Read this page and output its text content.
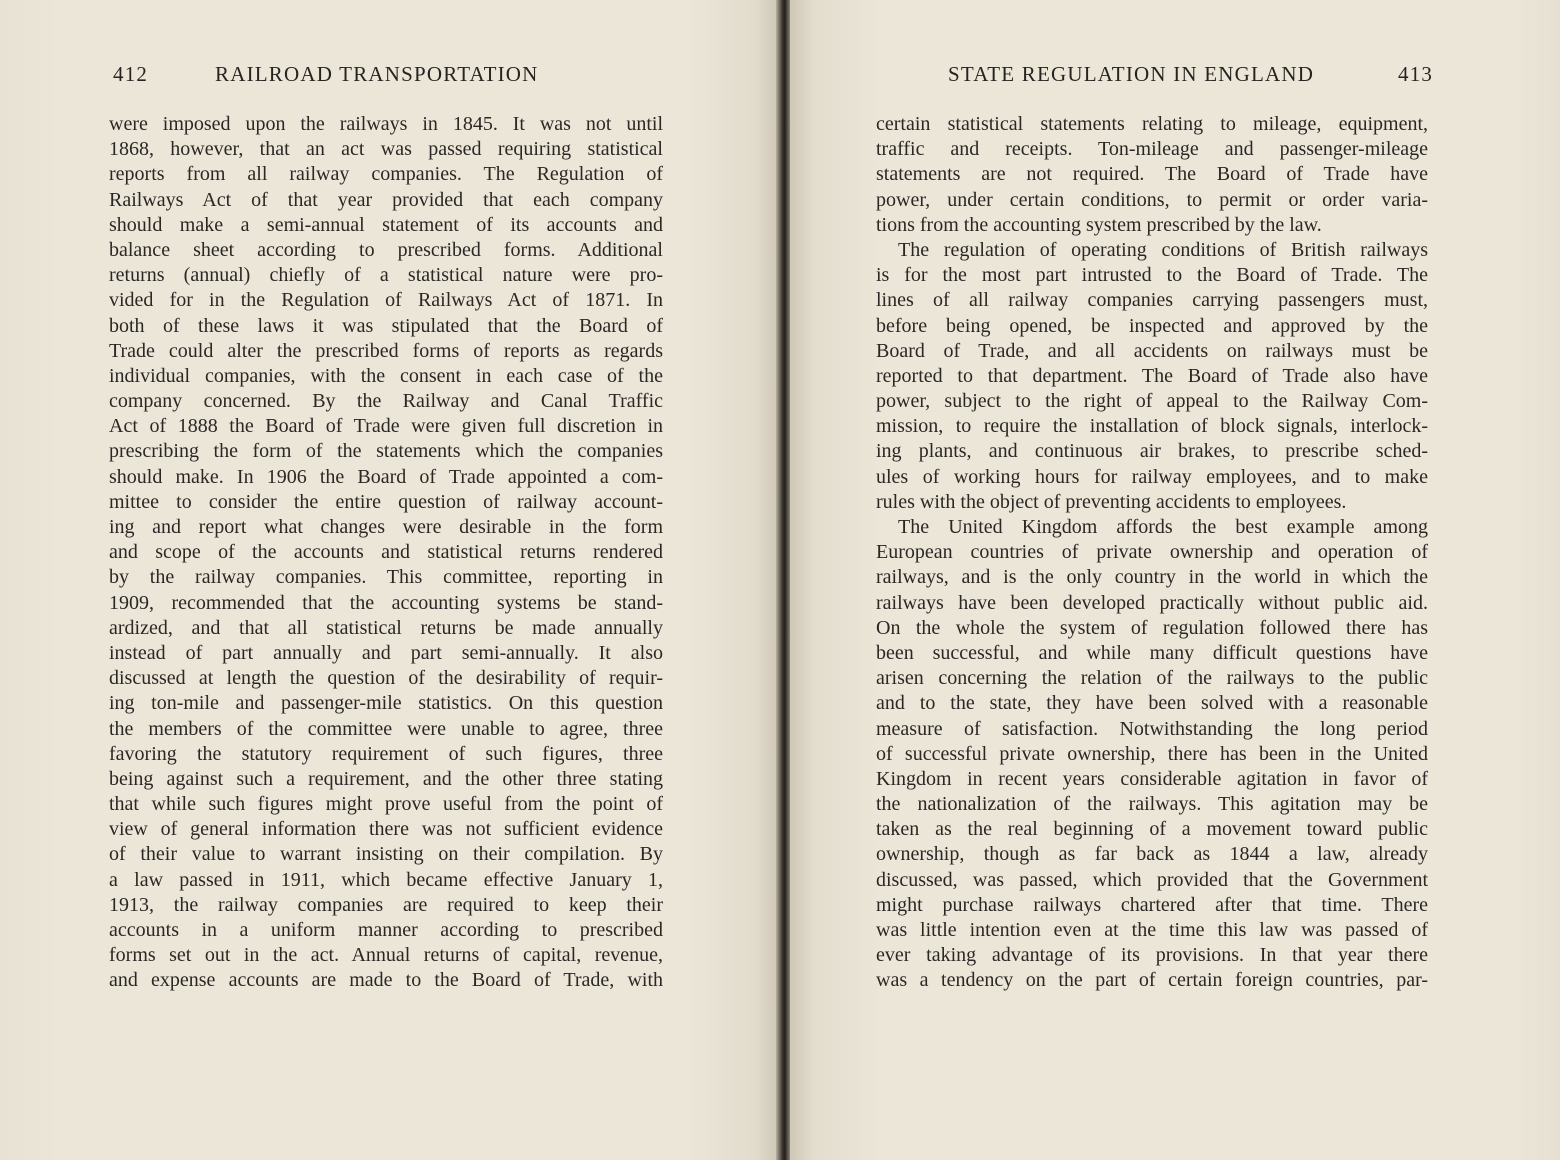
412	RAILROAD TRANSPORTATION
were imposed upon the railways in 1845. It was not until
1868, however, that an act was passed requiring statistical
reports from all railway companies. The Regulation of
Railways Act of that year provided that each company
should make a semi-annual statement of its accounts and
balance sheet according to prescribed forms. Additional
returns (annual) chiefly of a statistical nature were pro-
vided for in the Regulation of Railways Act of 1871. In
both of these laws it was stipulated that the Board of
Trade could alter the prescribed forms of reports as regards
individual companies, with the consent in each case of the
company concerned. By the Railway and Canal Traffic
Act of 1888 the Board of Trade were given full discretion in
prescribing the form of the statements which the companies
should make. In 1906 the Board of Trade appointed a com-
mittee to consider the entire question of railway account-
ing and report what changes were desirable in the form
and scope of the accounts and statistical returns rendered
by the railway companies. This committee, reporting in
1909, recommended that the accounting systems be stand-
ardized, and that all statistical returns be made annually
instead of part annually and part semi-annually. It also
discussed at length the question of the desirability of requir-
ing ton-mile and passenger-mile statistics. On this question
the members of the committee were unable to agree, three
favoring the statutory requirement of such figures, three
being against such a requirement, and the other three stating
that while such figures might prove useful from the point of
view of general information there was not sufficient evidence
of their value to warrant insisting on their compilation. By
a law passed in 1911, which became effective January 1,
1913, the railway companies are required to keep their
accounts in a uniform manner according to prescribed
forms set out in the act. Annual returns of capital, revenue,
and expense accounts are made to the Board of Trade, with
STATE REGULATION IN ENGLAND	413
certain statistical statements relating to mileage, equipment,
traffic and receipts. Ton-mileage and passenger-mileage
statements are not required. The Board of Trade have
power, under certain conditions, to permit or order varia-
tions from the accounting system prescribed by the law.
The regulation of operating conditions of British railways
is for the most part intrusted to the Board of Trade. The
lines of all railway companies carrying passengers must,
before being opened, be inspected and approved by the
Board of Trade, and all accidents on railways must be
reported to that department. The Board of Trade also have
power, subject to the right of appeal to the Railway Com-
mission, to require the installation of block signals, interlock-
ing plants, and continuous air brakes, to prescribe sched-
ules of working hours for railway employees, and to make
rules with the object of preventing accidents to employees.
The United Kingdom affords the best example among
European countries of private ownership and operation of
railways, and is the only country in the world in which the
railways have been developed practically without public aid.
On the whole the system of regulation followed there has
been successful, and while many difficult questions have
arisen concerning the relation of the railways to the public
and to the state, they have been solved with a reasonable
measure of satisfaction. Notwithstanding the long period
of successful private ownership, there has been in the United
Kingdom in recent years considerable agitation in favor of
the nationalization of the railways. This agitation may be
taken as the real beginning of a movement toward public
ownership, though as far back as 1844 a law, already
discussed, was passed, which provided that the Government
might purchase railways chartered after that time. There
was little intention even at the time this law was passed of
ever taking advantage of its provisions. In that year there
was a tendency on the part of certain foreign countries, par-
